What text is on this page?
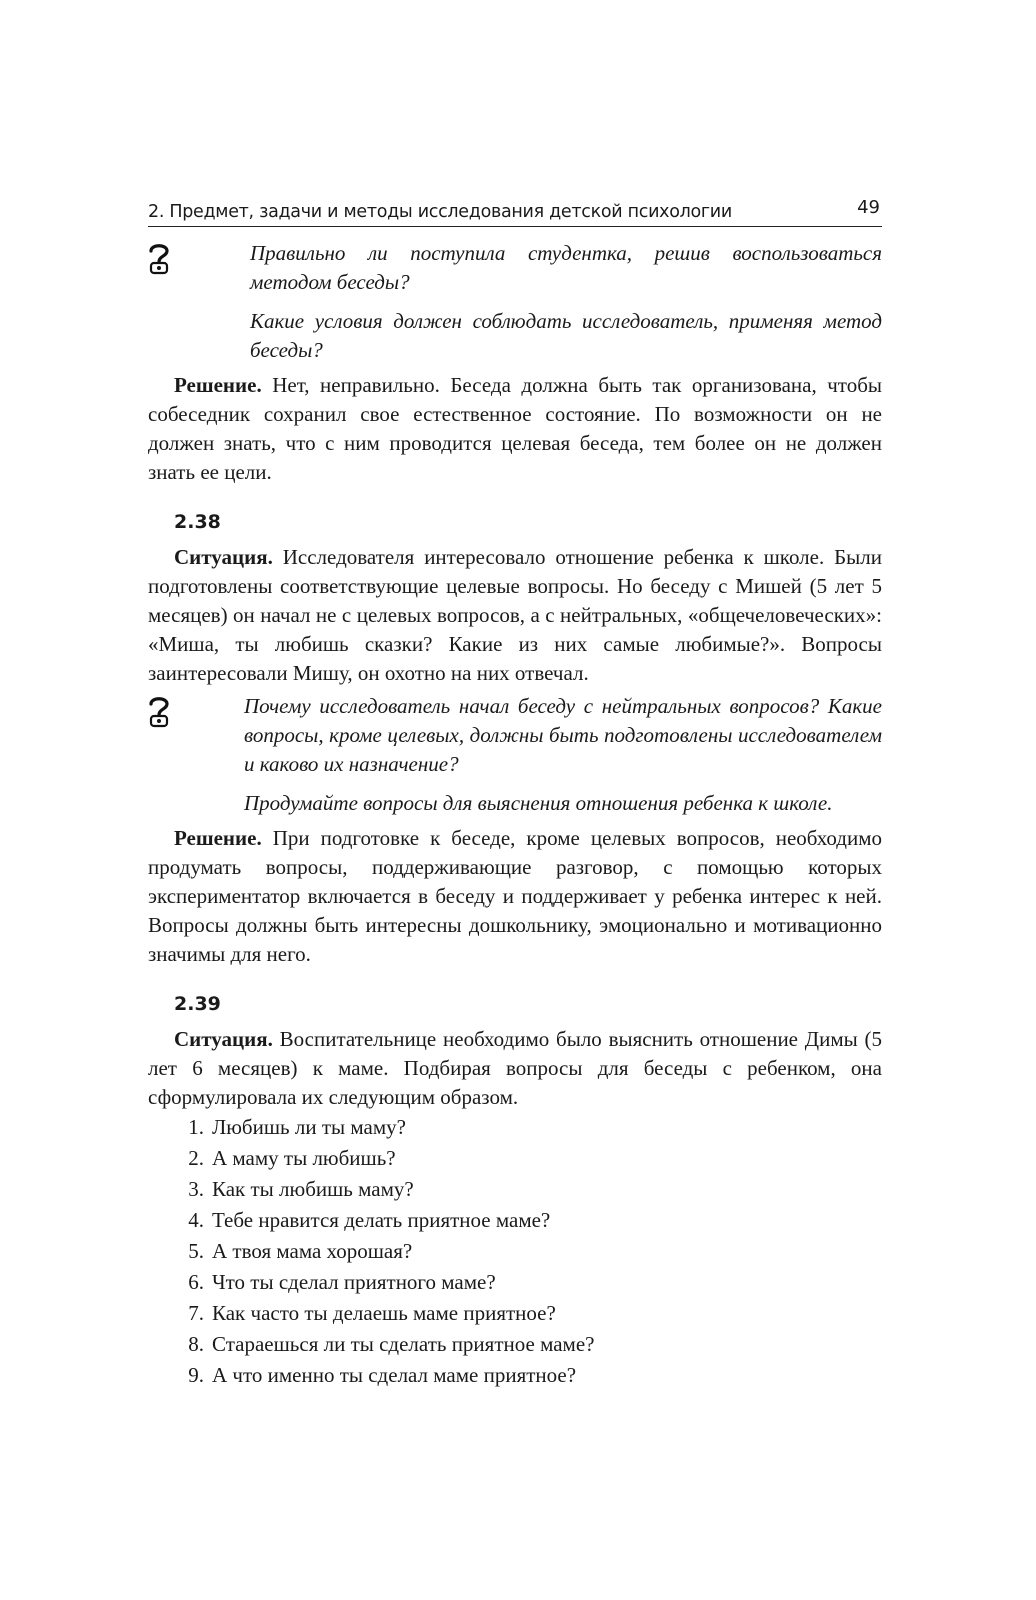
2. Предмет, задачи и методы исследования детской психологии	49

Правильно ли поступила студентка, решив воспользоваться методом беседы?

Какие условия должен соблюдать исследователь, применяя метод беседы?

Решение. Нет, неправильно. Беседа должна быть так организована, чтобы собеседник сохранил свое естественное состояние. По возможности он не должен знать, что с ним проводится целевая беседа, тем более он не должен знать ее цели.

2.38

Ситуация. Исследователя интересовало отношение ребенка к школе. Были подготовлены соответствующие целевые вопросы. Но беседу с Мишей (5 лет 5 месяцев) он начал не с целевых вопросов, а с нейтральных, «общечеловеческих»: «Миша, ты любишь сказки? Какие из них самые любимые?». Вопросы заинтересовали Мишу, он охотно на них отвечал.

Почему исследователь начал беседу с нейтральных вопросов? Какие вопросы, кроме целевых, должны быть подготовлены исследователем и каково их назначение?

Продумайте вопросы для выяснения отношения ребенка к школе.

Решение. При подготовке к беседе, кроме целевых вопросов, необходимо продумать вопросы, поддерживающие разговор, с помощью которых экспериментатор включается в беседу и поддерживает у ребенка интерес к ней. Вопросы должны быть интересны дошкольнику, эмоционально и мотивационно значимы для него.

2.39

Ситуация. Воспитательнице необходимо было выяснить отношение Димы (5 лет 6 месяцев) к маме. Подбирая вопросы для беседы с ребенком, она сформулировала их следующим образом.

1. Любишь ли ты маму?
2. А маму ты любишь?
3. Как ты любишь маму?
4. Тебе нравится делать приятное маме?
5. А твоя мама хорошая?
6. Что ты сделал приятного маме?
7. Как часто ты делаешь маме приятное?
8. Стараешься ли ты сделать приятное маме?
9. А что именно ты сделал маме приятное?
